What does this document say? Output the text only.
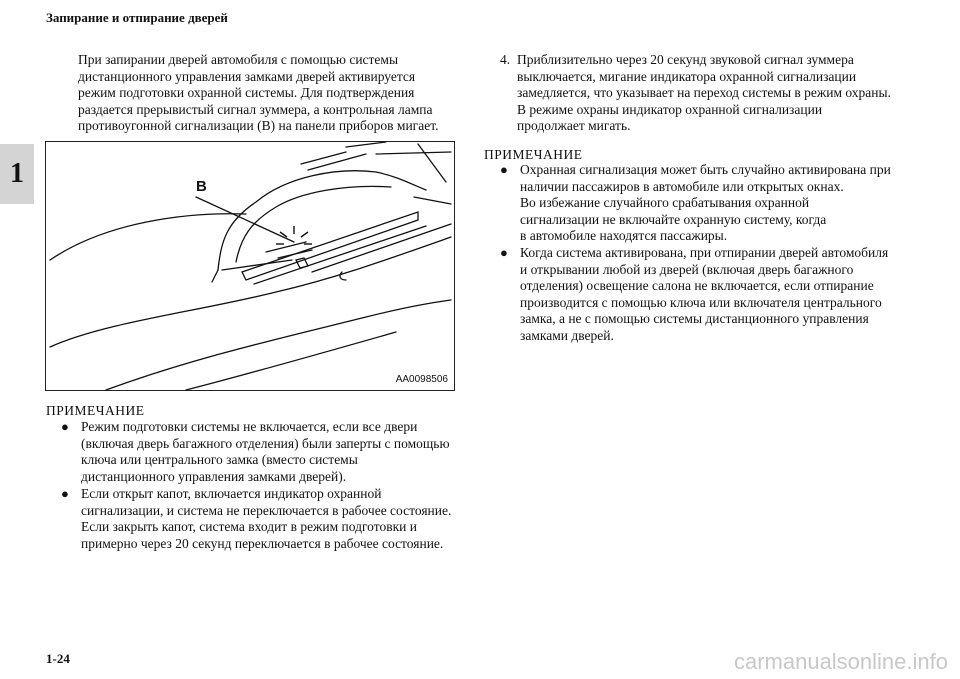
Запирание и отпирание дверей
1

При запирании дверей автомобиля с помощью системы
дистанционного управления замками дверей активируется
режим подготовки охранной системы. Для подтверждения
раздается прерывистый сигнал зуммера, а контрольная лампа
противоугонной сигнализации (B) на панели приборов мигает.

B
AA0098506
ПРИМЕЧАНИЕ
● Режим подготовки системы не включается, если все двери
(включая дверь багажного отделения) были заперты с помощью
ключа или центрального замка (вместо системы
дистанционного управления замками дверей).
● Если открыт капот, включается индикатор охранной
сигнализации, и система не переключается в рабочее состояние.
Если закрыть капот, система входит в режим подготовки и
примерно через 20 секунд переключается в рабочее состояние.
4. Приблизительно через 20 секунд звуковой сигнал зуммера
выключается, мигание индикатора охранной сигнализации
замедляется, что указывает на переход системы в режим охраны.
В режиме охраны индикатор охранной сигнализации
продолжает мигать.
ПРИМЕЧАНИЕ
● Охранная сигнализация может быть случайно активирована при
наличии пассажиров в автомобиле или открытых окнах.
Во избежание случайного срабатывания охранной
сигнализации не включайте охранную систему, когда
в автомобиле находятся пассажиры.
● Когда система активирована, при отпирании дверей автомобиля
и открывании любой из дверей (включая дверь багажного
отделения) освещение салона не включается, если отпирание
производится с помощью ключа или включателя центрального
замка, а не с помощью системы дистанционного управления
замками дверей.
1-24	carmanualsonline.info
